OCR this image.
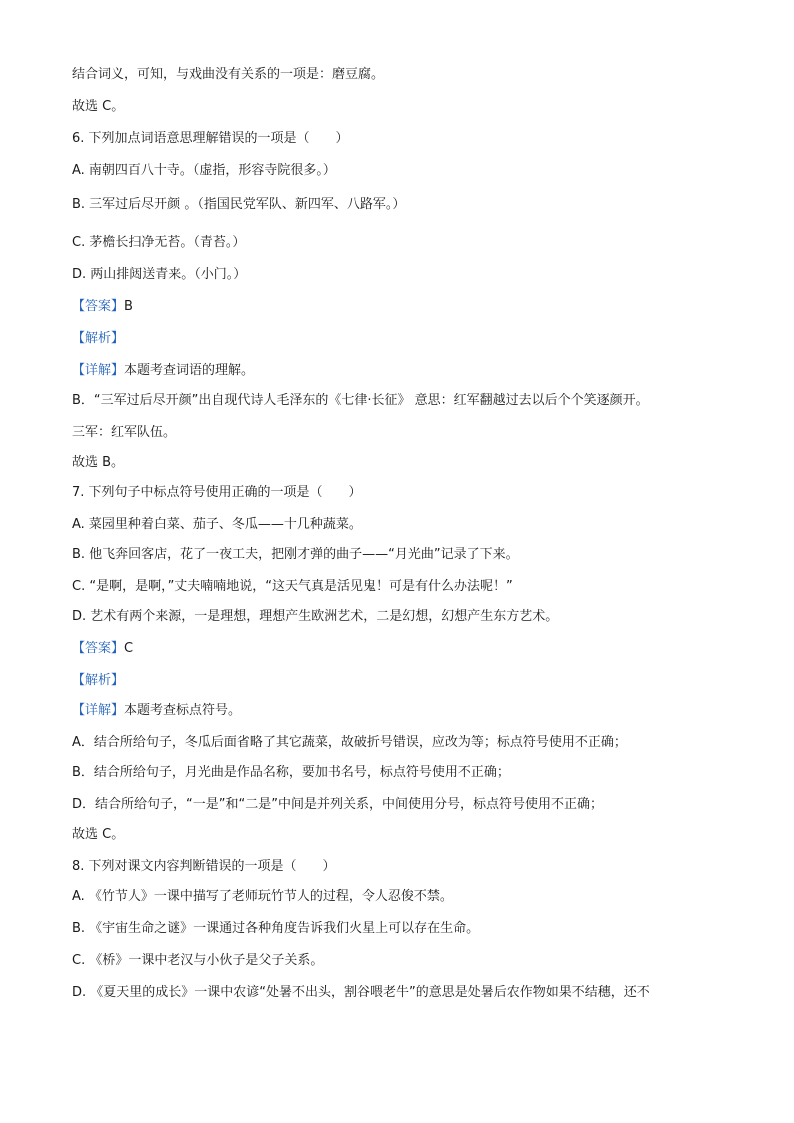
结合词义，可知，与戏曲没有关系的一项是：磨豆腐。
故选 C。
6. 下列加点词语意思理解错误的一项是（　　）
A. 南朝四百八十寺。（虚指，形容寺院很多。）
B. 三军过后尽开颜 。（指国民党军队、新四军、八路军。）
C. 茅檐长扫净无苔。（青苔。）
D. 两山排闼送青来。（小门。）
【答案】B
【解析】
【详解】本题考查词语的理解。
B．“三军过后尽开颜”出自现代诗人毛泽东的《七律·长征》 意思：红军翻越过去以后个个笑逐颜开。
三军：红军队伍。
故选 B。
7. 下列句子中标点符号使用正确的一项是（　　）
A. 菜园里种着白菜、茄子、冬瓜——十几种蔬菜。
B. 他飞奔回客店，花了一夜工夫，把刚才弹的曲子——“月光曲”记录了下来。
C. “是啊，是啊，”丈夫喃喃地说，“这天气真是活见鬼！可是有什么办法呢！”
D. 艺术有两个来源，一是理想，理想产生欧洲艺术，二是幻想，幻想产生东方艺术。
【答案】C
【解析】
【详解】本题考查标点符号。
A．结合所给句子，冬瓜后面省略了其它蔬菜，故破折号错误，应改为等；标点符号使用不正确；
B．结合所给句子，月光曲是作品名称，要加书名号，标点符号使用不正确；
D．结合所给句子，“一是”和“二是”中间是并列关系，中间使用分号，标点符号使用不正确；
故选 C。
8. 下列对课文内容判断错误的一项是（　　）
A. 《竹节人》一课中描写了老师玩竹节人的过程，令人忍俊不禁。
B. 《宇宙生命之谜》一课通过各种角度告诉我们火星上可以存在生命。
C. 《桥》一课中老汉与小伙子是父子关系。
D. 《夏天里的成长》一课中农谚“处暑不出头，割谷喂老牛”的意思是处暑后农作物如果不结穗，还不
